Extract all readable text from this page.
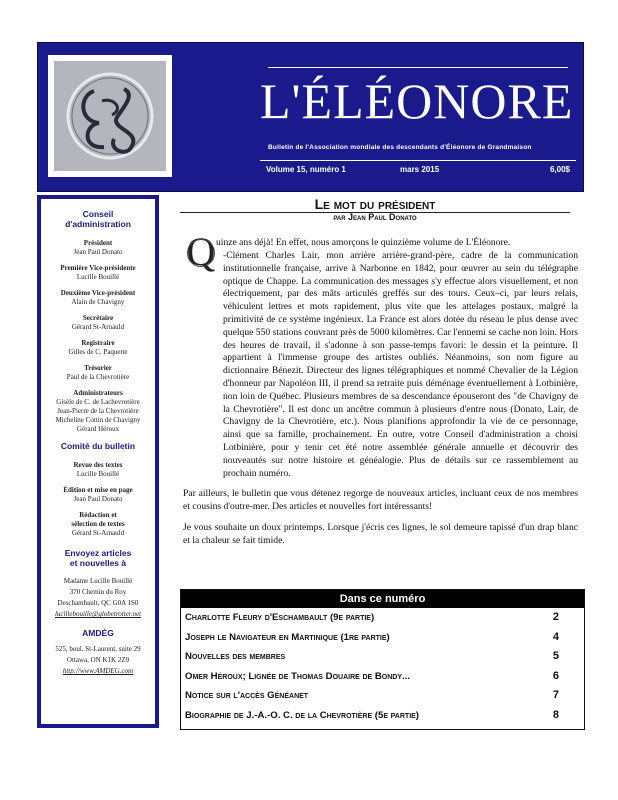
L'ÉLÉONORE
Bulletin de l'Association mondiale des descendants d'Éléonore de Grandmaison
Volume 15, numéro 1	mars 2015	6,00$
Conseil
d'administration
Président
Jean Paul Donato
Première Vice-présidente
Lucille Bouillé
Deuxième Vice-président
Alain de Chavigny
Secrétaire
Gérard St-Arnauld
Registraire
Gilles de C. Paquette
Trésorier
Paul de la Chevrotière
Administrateurs
Gisèle de C. de Lachevrotière
Jean-Pierre de la Chevrotière
Micheline Cottin de Chavigny
Gérard Héroux
Comité du bulletin
Revue des textes
Lucille Bouillé
Édition et mise en page
Jean Paul Donato
Rédaction et
sélection de textes
Gérard St-Arnauld
Envoyez articles
et nouvelles à
Madame Lucille Bouillé
370 Chemin du Roy
Deschambault, QC G0A 1S0
lucillebouille@globetrotter.net
AMDÉG
525, boul. St-Laurent, suite 29
Ottawa, ON K1K 2Z9
http://www.AMDEG.com
Le mot du président
par Jean Paul Donato
Q uinze ans déjà! En effet, nous amorçons le quinzième volume de L'Éléonore.

-Clément Charles Lair, mon arrière arrière-grand-père, cadre de la communication institutionnelle française, arrive à Narbonne en 1842, pour œuvrer au sein du télégraphe optique de Chappe. La communication des messages s'y effectue alors visuellement, et non électriquement, par des mâts articulés greffés sur des tours. Ceux–ci, par leurs relais, véhiculent lettres et mots rapidement, plus vite que les attelages postaux, malgré la primitivité de ce système ingénieux. La France est alors dotée du réseau le plus dense avec quelque 550 stations couvrant près de 5000 kilomètres. Car l'ennemi se cache non loin. Hors des heures de travail, il s'adonne à son passe-temps favori: le dessin et la peinture. Il appartient à l'immense groupe des artistes oubliés. Néanmoins, son nom figure au dictionnaire Bénezit. Directeur des lignes télégraphiques et nommé Chevalier de la Légion d'honneur par Napoléon III, il prend sa retraite puis déménage éventuellement à Lotbinière, non loin de Québec. Plusieurs membres de sa descendance épouseront des "de Chavigny de la Chevrotière". Il est donc un ancêtre commun à plusieurs d'entre nous (Donato, Lair, de Chavigny de la Chevrotière, etc.). Nous planifions approfondir la vie de ce personnage, ainsi que sa famille, prochainement. En outre, votre Conseil d'administration a choisi Lotbinière, pour y tenir cet été notre assemblée générale annuelle et découvrir des nouveautés sur notre histoire et généalogie. Plus de détails sur ce rassemblement au prochain numéro.

Par ailleurs, le bulletin que vous détenez regorge de nouveaux articles, incluant ceux de nos membres et cousins d'outre-mer. Des articles et nouvelles fort intéressants!

Je vous souhaite un doux printemps. Lorsque j'écris ces lignes, le sol demeure tapissé d'un drap blanc et la chaleur se fait timide.

Dans ce numéro
Charlotte Fleury d'Eschambault (9e partie)	2
Joseph le Navigateur en Martinique (1re partie)	4
Nouvelles des membres	5
Omer Héroux; Lignée de Thomas Douaire de Bondy...	6
Notice sur l'accès Généanet	7
Biographie de J.-A.-O. C. de la Chevrotière (5e partie)	8
